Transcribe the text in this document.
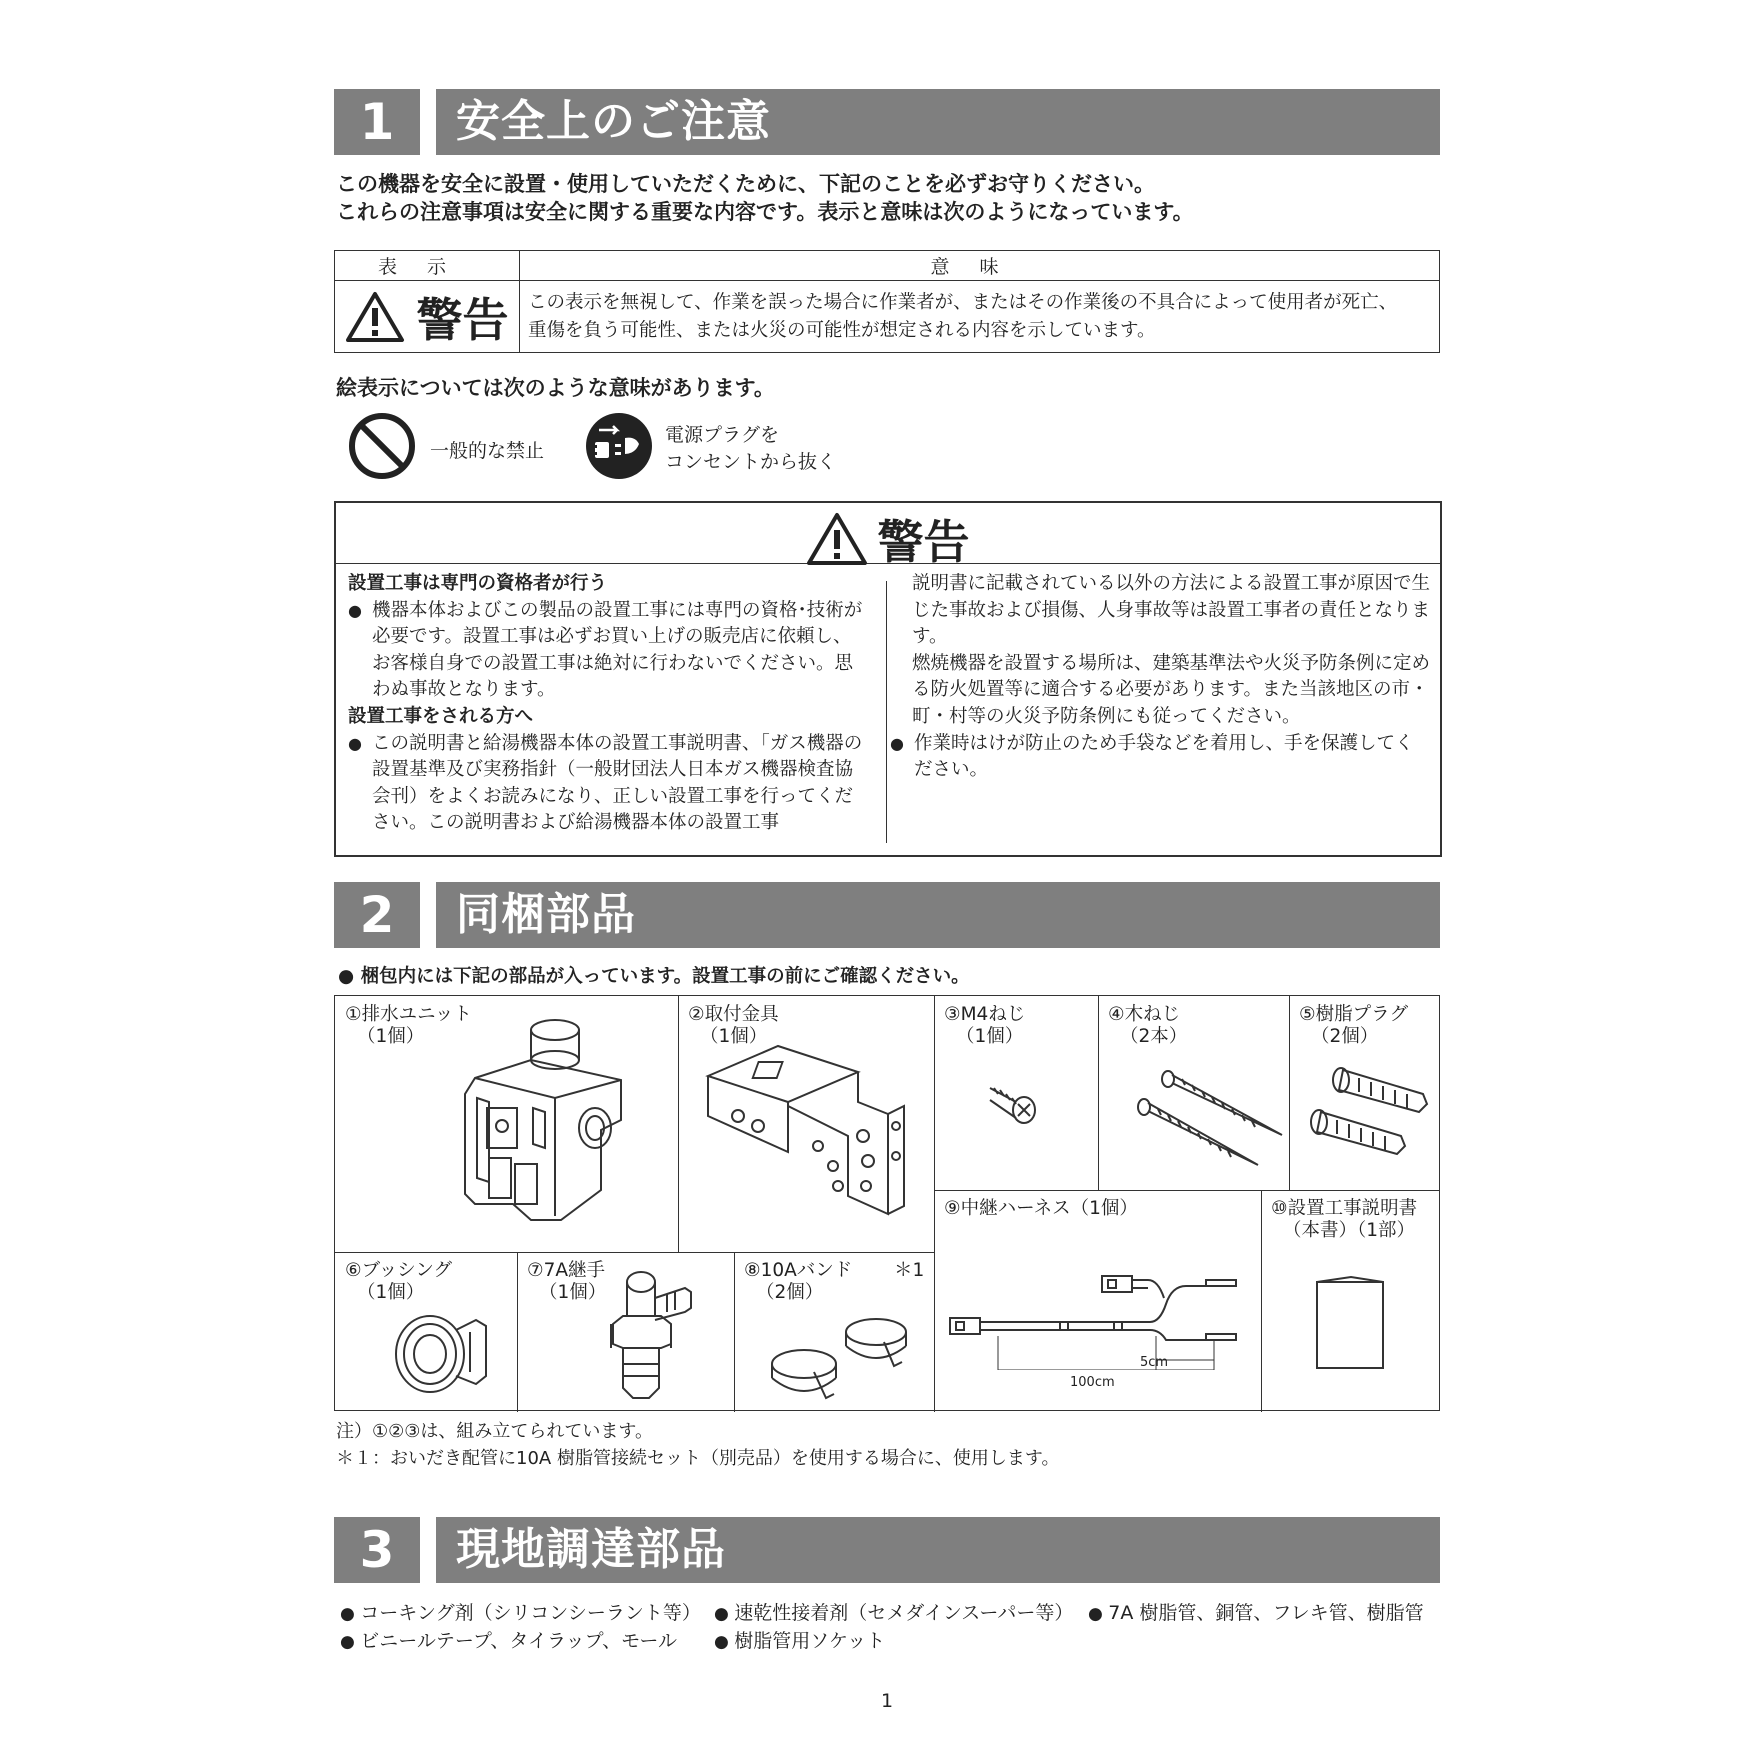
1	安全上のご注意
この機器を安全に設置・使用していただくために、下記のことを必ずお守りください。
これらの注意事項は安全に関する重要な内容です。表示と意味は次のようになっています。
表示	意味
警告	この表示を無視して、作業を誤った場合に作業者が、またはその作業後の不具合によって使用者が死亡、
重傷を負う可能性、または火災の可能性が想定される内容を示しています。
絵表示については次のような意味があります。
一般的な禁止
電源プラグを
コンセントから抜く
警告
設置工事は専門の資格者が行う
● 機器本体およびこの製品の設置工事には専門の資格･技術が必要です。設置工事は必ずお買い上げの販売店に依頼し、お客様自身での設置工事は絶対に行わないでください。思わぬ事故となります。
設置工事をされる方へ
● この説明書と給湯機器本体の設置工事説明書、「ガス機器の設置基準及び実務指針（一般財団法人日本ガス機器検査協会刊）をよくお読みになり、正しい設置工事を行ってください。この説明書および給湯機器本体の設置工事
説明書に記載されている以外の方法による設置工事が原因で生じた事故および損傷、人身事故等は設置工事者の責任となります。
燃焼機器を設置する場所は、建築基準法や火災予防条例に定める防火処置等に適合する必要があります。また当該地区の市・町・村等の火災予防条例にも従ってください。
● 作業時はけが防止のため手袋などを着用し、手を保護してください。
2	同梱部品
● 梱包内には下記の部品が入っています。設置工事の前にご確認ください。
①排水ユニット
（1個）
②取付金具
（1個）
③M4ねじ
（1個）
④木ねじ
（2本）
⑤樹脂プラグ
（2個）
⑥ブッシング
（1個）
⑦7A継手
（1個）
⑧10Aバンド ＊1
（2個）
⑨中継ハーネス（1個）
5cm
100cm
⑩設置工事説明書
（本書）（1部）
注）①②③は、組み立てられています。
＊１：おいだき配管に10A 樹脂管接続セット（別売品）を使用する場合に、使用します。
3	現地調達部品
● コーキング剤（シリコンシーラント等）	● 速乾性接着剤（セメダインスーパー等）	● 7A 樹脂管、銅管、フレキ管、樹脂管
● ビニールテープ、タイラップ、モール	● 樹脂管用ソケット
1
